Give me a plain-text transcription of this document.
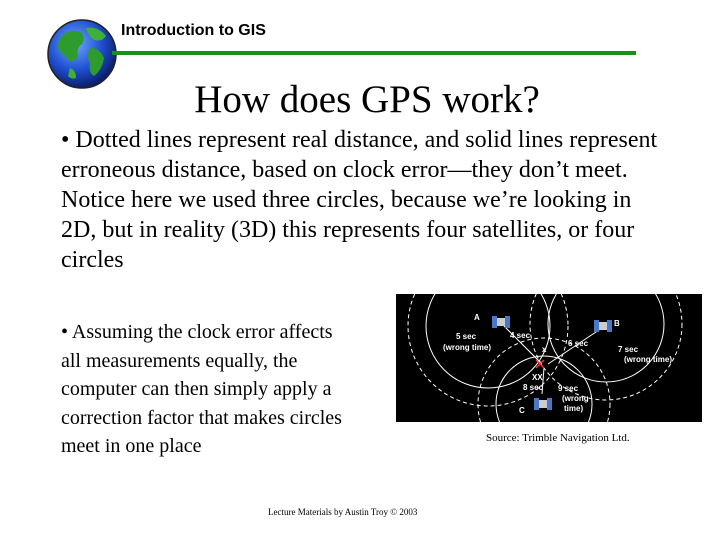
Introduction to GIS
How does GPS work?
• Dotted lines represent real distance, and solid lines represent erroneous distance, based on clock error—they don’t meet. Notice here we used three circles, because we’re looking in 2D, but in reality (3D) this represents four satellites, or four circles
• Assuming the clock error affects all measurements equally, the computer can then simply apply a correction factor that makes circles meet in one place
A
B
C
x
5 sec
(wrong time)
4 sec
6 sec
7 sec
(wrong time)
8 sec 9 sec
(wrong
time)
XX
Source: Trimble Navigation Ltd.
Lecture Materials by Austin Troy © 2003
